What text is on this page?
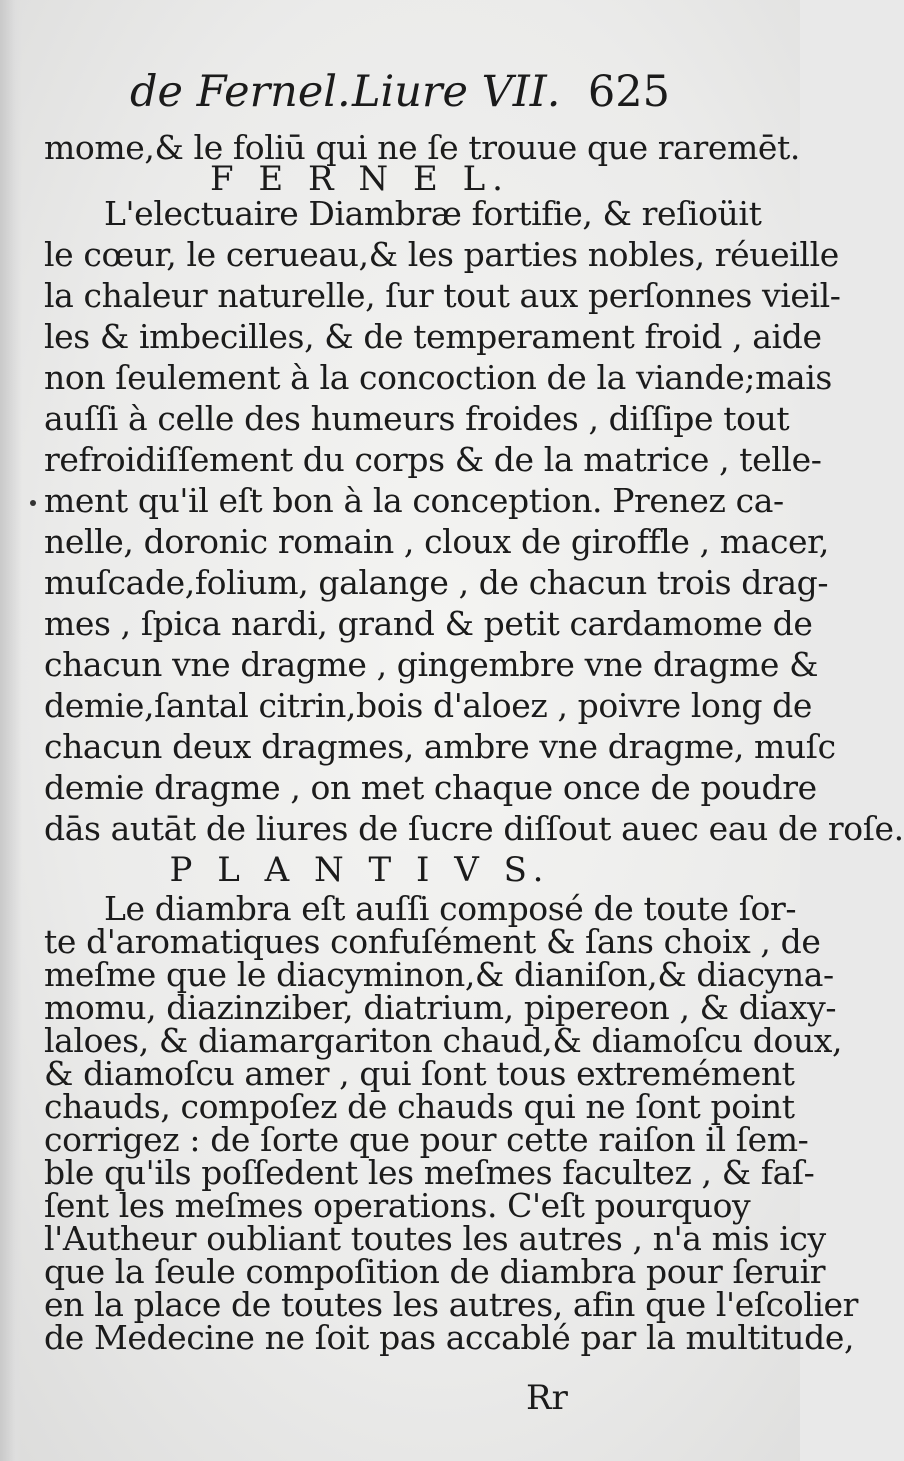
de Fernel. Liure VII. 625
mome,& le foliū qui ne ſe trouue que raremēt.
F E R N E L.
L'electuaire Diambræ fortifie, & reſioüit
le cœur, le cerueau,& les parties nobles, réueille
la chaleur naturelle, ſur tout aux perſonnes vieil-
les & imbecilles, & de temperament froid , aide
non ſeulement à la concoction de la viande;mais
auſſi à celle des humeurs froides , diſſipe tout
refroidiſſement du corps & de la matrice , telle-
ment qu'il eſt bon à la conception. Prenez ca-
nelle, doronic romain , cloux de giroffle , macer,
muſcade,folium, galange , de chacun trois drag-
mes , ſpica nardi, grand & petit cardamome de
chacun vne dragme , gingembre vne dragme &
demie,ſantal citrin,bois d'aloez , poivre long de
chacun deux dragmes, ambre vne dragme, muſc
demie dragme , on met chaque once de poudre
dās autāt de liures de ſucre diſſout auec eau de roſe.
P L A N T I V S.
Le diambra eſt auſſi composé de toute ſor-
te d'aromatiques confuſément & ſans choix , de
meſme que le diacyminon,& dianiſon,& diacyna-
momu, diazinziber, diatrium, pipereon , & diaxy-
laloes, & diamargariton chaud,& diamoſcu doux,
& diamoſcu amer , qui ſont tous extremément
chauds, compoſez de chauds qui ne ſont point
corrigez : de ſorte que pour cette raiſon il ſem-
ble qu'ils poſſedent les meſmes facultez , & faſ-
ſent les meſmes operations. C'eſt pourquoy
l'Autheur oubliant toutes les autres , n'a mis icy
que la ſeule compoſition de diambra pour ſeruir
en la place de toutes les autres, afin que l'eſcolier
de Medecine ne ſoit pas accablé par la multitude,
Rr
